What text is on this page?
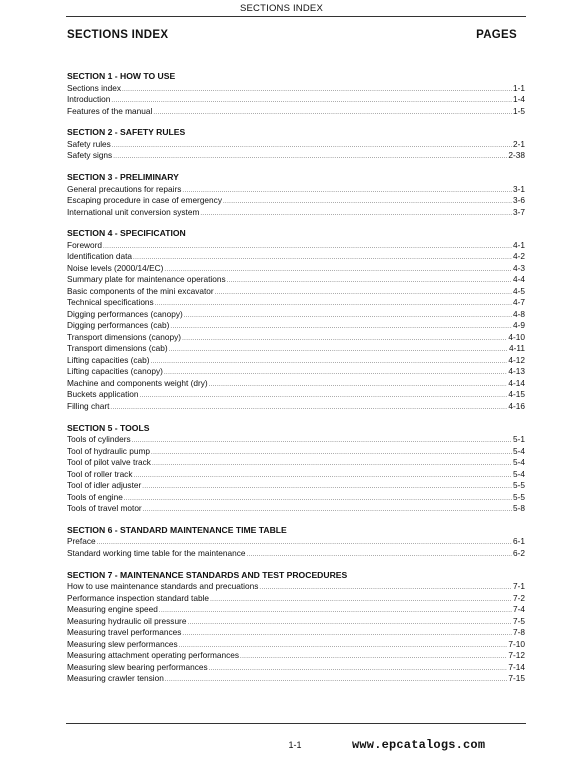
SECTIONS INDEX
SECTIONS INDEX	PAGES
SECTION 1 - HOW TO USE
Sections index .....	1-1
Introduction .....	1-4
Features of the manual .....	1-5
SECTION 2 - SAFETY RULES
Safety rules .....	2-1
Safety signs .....	2-38
SECTION 3 - PRELIMINARY
General precautions for repairs .....	3-1
Escaping procedure in case of emergency .....	3-6
International unit conversion system .....	3-7
SECTION 4 - SPECIFICATION
Foreword .....	4-1
Identification data .....	4-2
Noise levels (2000/14/EC) .....	4-3
Summary plate for maintenance operations .....	4-4
Basic components of the mini excavator .....	4-5
Technical specifications .....	4-7
Digging performances (canopy) .....	4-8
Digging performances (cab) .....	4-9
Transport dimensions (canopy) .....	4-10
Transport dimensions (cab) .....	4-11
Lifting capacities (cab) .....	4-12
Lifting capacities (canopy) .....	4-13
Machine and components weight (dry) .....	4-14
Buckets application .....	4-15
Filling chart .....	4-16
SECTION 5 - TOOLS
Tools of cylinders .....	5-1
Tool of hydraulic pump .....	5-4
Tool of pilot valve track .....	5-4
Tool of roller track .....	5-4
Tool of idler adjuster .....	5-5
Tools of engine .....	5-5
Tools of travel motor .....	5-8
SECTION 6 - STANDARD MAINTENANCE TIME TABLE
Preface .....	6-1
Standard working time table for the maintenance .....	6-2
SECTION 7 - MAINTENANCE STANDARDS AND TEST PROCEDURES
How to use maintenance standards and precuations .....	7-1
Performance inspection standard table .....	7-2
Measuring engine speed .....	7-4
Measuring hydraulic oil pressure .....	7-5
Measuring travel performances .....	7-8
Measuring slew performances .....	7-10
Measuring attachment operating performances .....	7-12
Measuring slew bearing performances .....	7-14
Measuring crawler tension .....	7-15
1-1	www.epcatalogs.com
